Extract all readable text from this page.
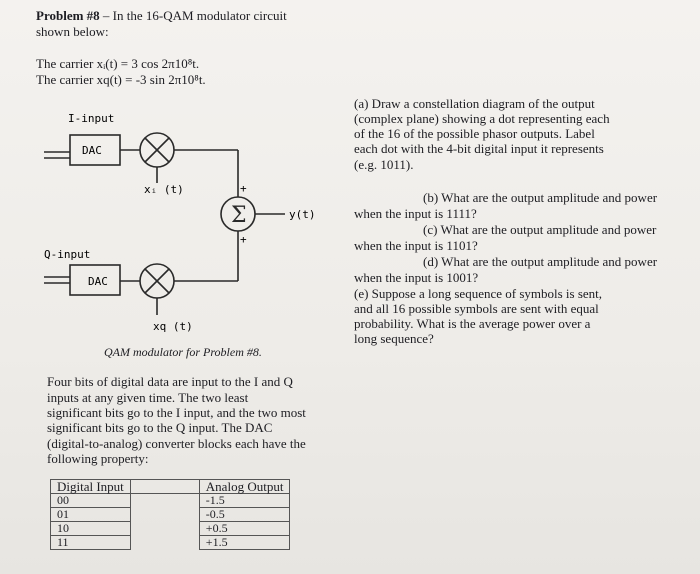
Problem #8 – In the 16-QAM modulator circuit
shown below:
The carrier xᵢ(t) = 3 cos 2π10⁸t.
The carrier xq(t) = -3 sin 2π10⁸t.
Σ
I-input
DAC
xᵢ (t)	+
y(t)
+
Q-input
DAC
xq (t)
QAM modulator for Problem #8.
Four bits of digital data are input to the I and Q
inputs at any given time. The two least
significant bits go to the I input, and the two most
significant bits go to the Q input. The DAC
(digital-to-analog) converter blocks each have the
following property:
Digital Input		Analog Output
00		-1.5
01		-0.5
10		+0.5
11		+1.5
(a) Draw a constellation diagram of the output
(complex plane) showing a dot representing each
of the 16 of the possible phasor outputs. Label
each dot with the 4-bit digital input it represents
(e.g. 1011).
(b) What are the output amplitude and power
when the input is 1111?
(c) What are the output amplitude and power
when the input is 1101?
(d) What are the output amplitude and power
when the input is 1001?
(e) Suppose a long sequence of symbols is sent,
and all 16 possible symbols are sent with equal
probability. What is the average power over a
long sequence?
